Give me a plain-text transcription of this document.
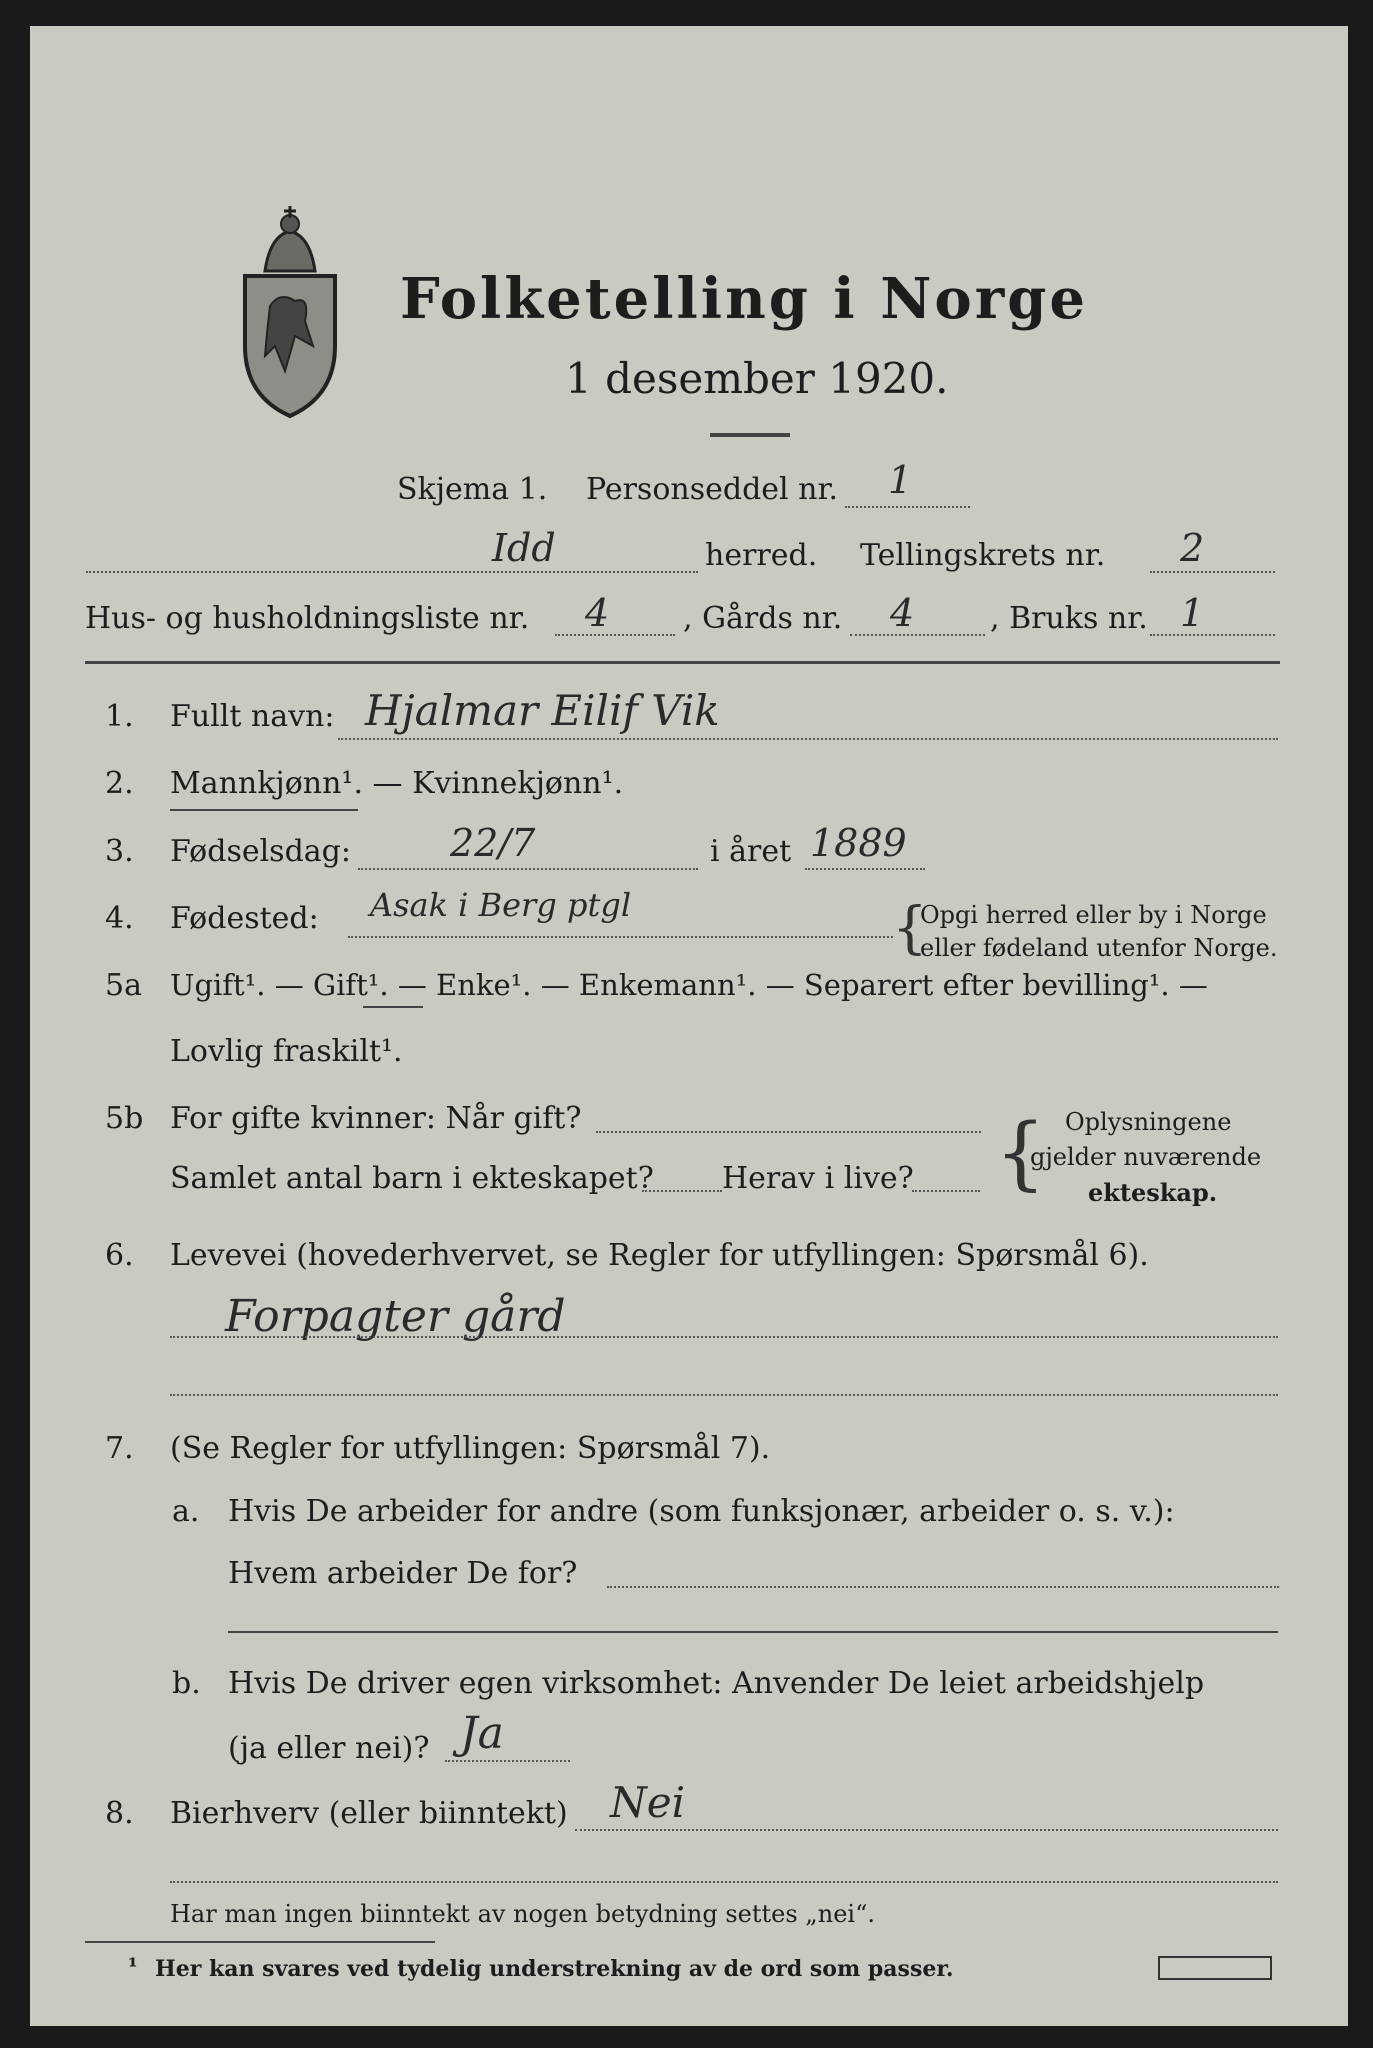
Folketelling i Norge
1 desember 1920.
Skjema 1. Personseddel nr. 1
Idd	herred. Tellingskrets nr. 2
Hus- og husholdningsliste nr. 4 , Gårds nr. 4	, Bruks nr. 1
1. Fullt navn: Hjalmar Eilif Vik
2. Mannkjønn¹. — Kvinnekjønn¹.
3. Fødselsdag:	22/7	i året 1889
4. Fødested: Asak i Berg ptgl	{
Opgi herred eller by i Norge
eller fødeland utenfor Norge.
5a Ugift¹. — Gift¹. — Enke¹. — Enkemann¹. — Separert efter bevilling¹. —
Lovlig fraskilt¹.
5b For gifte kvinner: Når gift?
Samlet antal barn i ekteskapet? Herav i live? { Oplysningene
gjelder nuværende
ekteskap.
6. Levevei (hovederhvervet, se Regler for utfyllingen: Spørsmål 6).
Forpagter gård
7. (Se Regler for utfyllingen: Spørsmål 7).
a. Hvis De arbeider for andre (som funksjonær, arbeider o. s. v.):
Hvem arbeider De for?
b. Hvis De driver egen virksomhet: Anvender De leiet arbeidshjelp
(ja eller nei)? Ja
8. Bierhverv (eller biinntekt) Nei
Har man ingen biinntekt av nogen betydning settes „nei“.
¹ Her kan svares ved tydelig understrekning av de ord som passer.
